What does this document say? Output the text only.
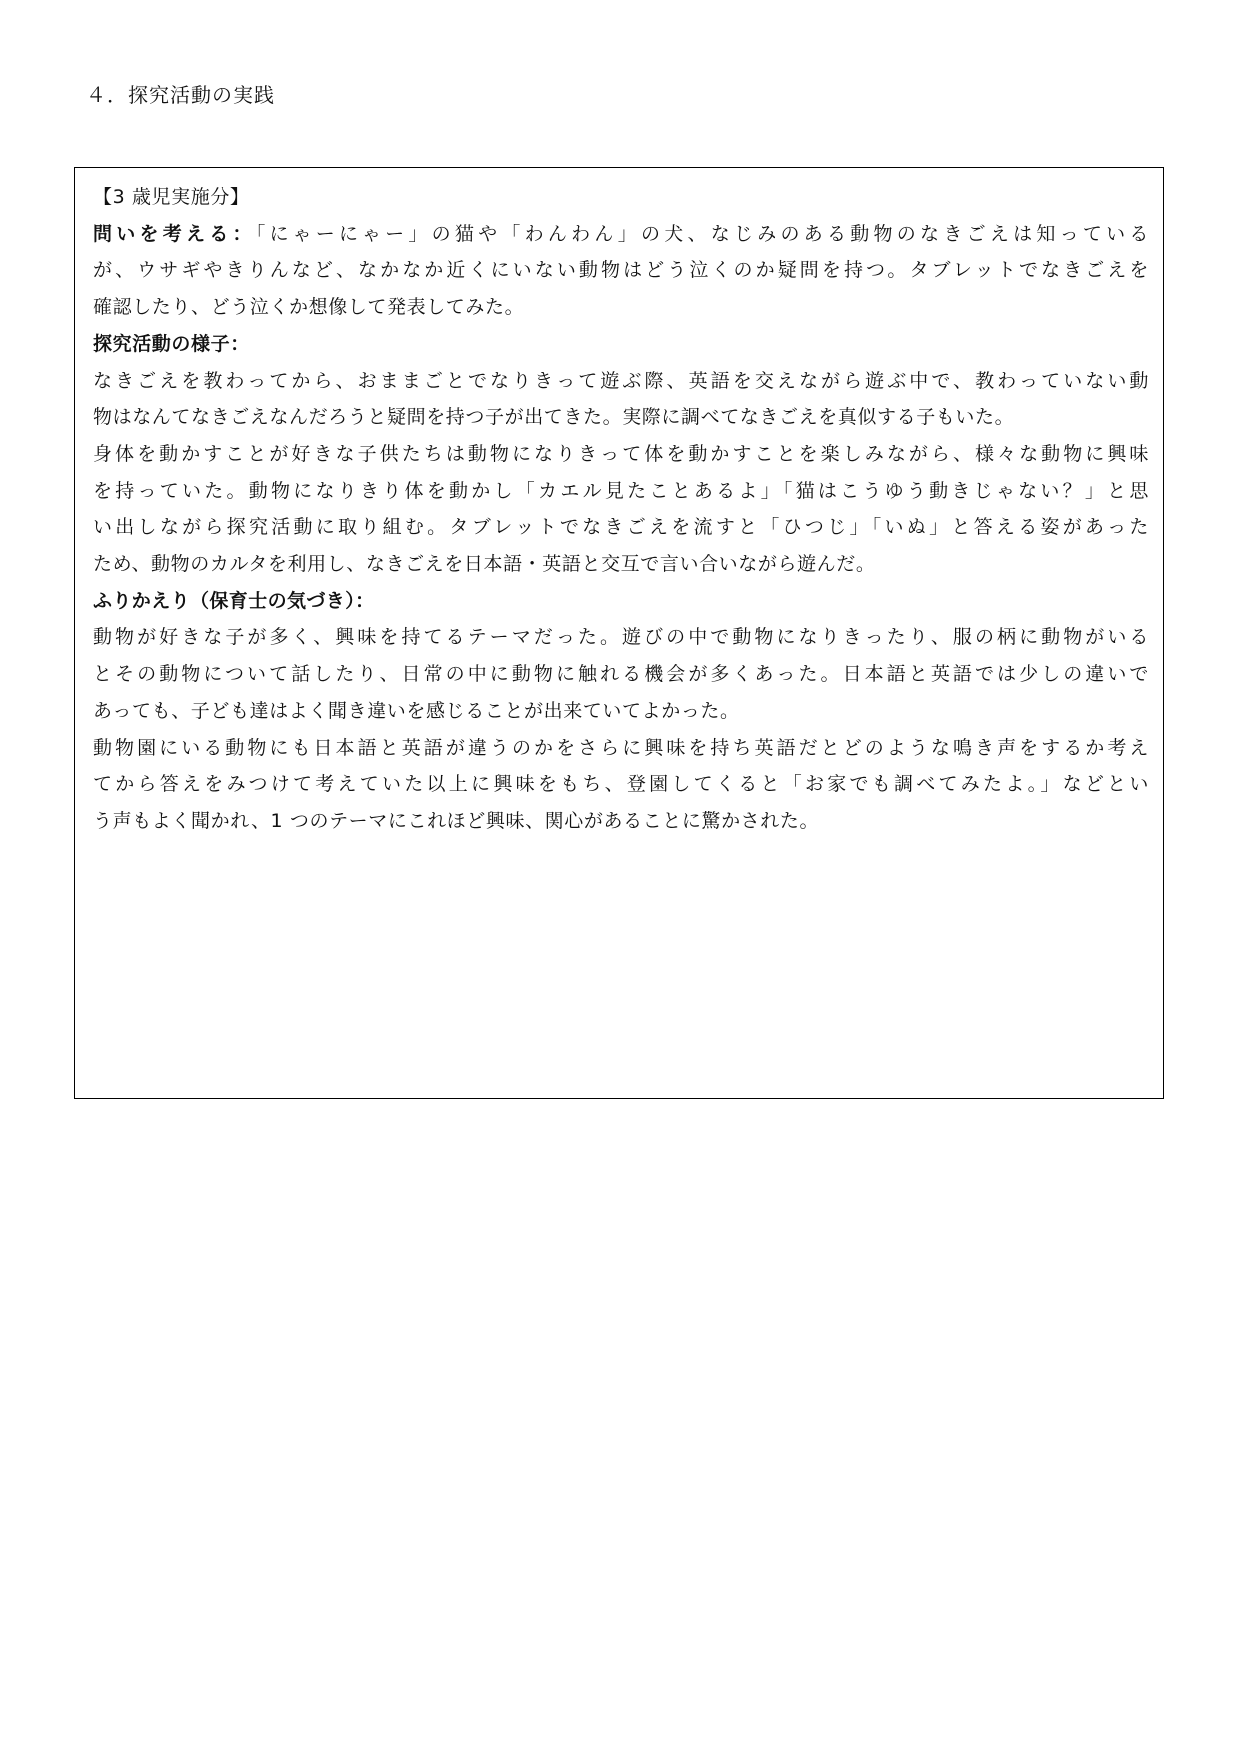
４．探究活動の実践
【3 歳児実施分】
問いを考える：「にゃーにゃー」の猫や「わんわん」の犬、なじみのある動物のなきごえは知っている
が、ウサギやきりんなど、なかなか近くにいない動物はどう泣くのか疑問を持つ。タブレットでなきごえを
確認したり、どう泣くか想像して発表してみた。
探究活動の様子：
なきごえを教わってから、おままごとでなりきって遊ぶ際、英語を交えながら遊ぶ中で、教わっていない動
物はなんてなきごえなんだろうと疑問を持つ子が出てきた。実際に調べてなきごえを真似する子もいた。
身体を動かすことが好きな子供たちは動物になりきって体を動かすことを楽しみながら、様々な動物に興味
を持っていた。動物になりきり体を動かし「カエル見たことあるよ」「猫はこうゆう動きじゃない？」と思
い出しながら探究活動に取り組む。タブレットでなきごえを流すと「ひつじ」「いぬ」と答える姿があった
ため、動物のカルタを利用し、なきごえを日本語・英語と交互で言い合いながら遊んだ。
ふりかえり（保育士の気づき）：
動物が好きな子が多く、興味を持てるテーマだった。遊びの中で動物になりきったり、服の柄に動物がいる
とその動物について話したり、日常の中に動物に触れる機会が多くあった。日本語と英語では少しの違いで
あっても、子ども達はよく聞き違いを感じることが出来ていてよかった。
動物園にいる動物にも日本語と英語が違うのかをさらに興味を持ち英語だとどのような鳴き声をするか考え
てから答えをみつけて考えていた以上に興味をもち、登園してくると「お家でも調べてみたよ。」などとい
う声もよく聞かれ、1 つのテーマにこれほど興味、関心があることに驚かされた。
